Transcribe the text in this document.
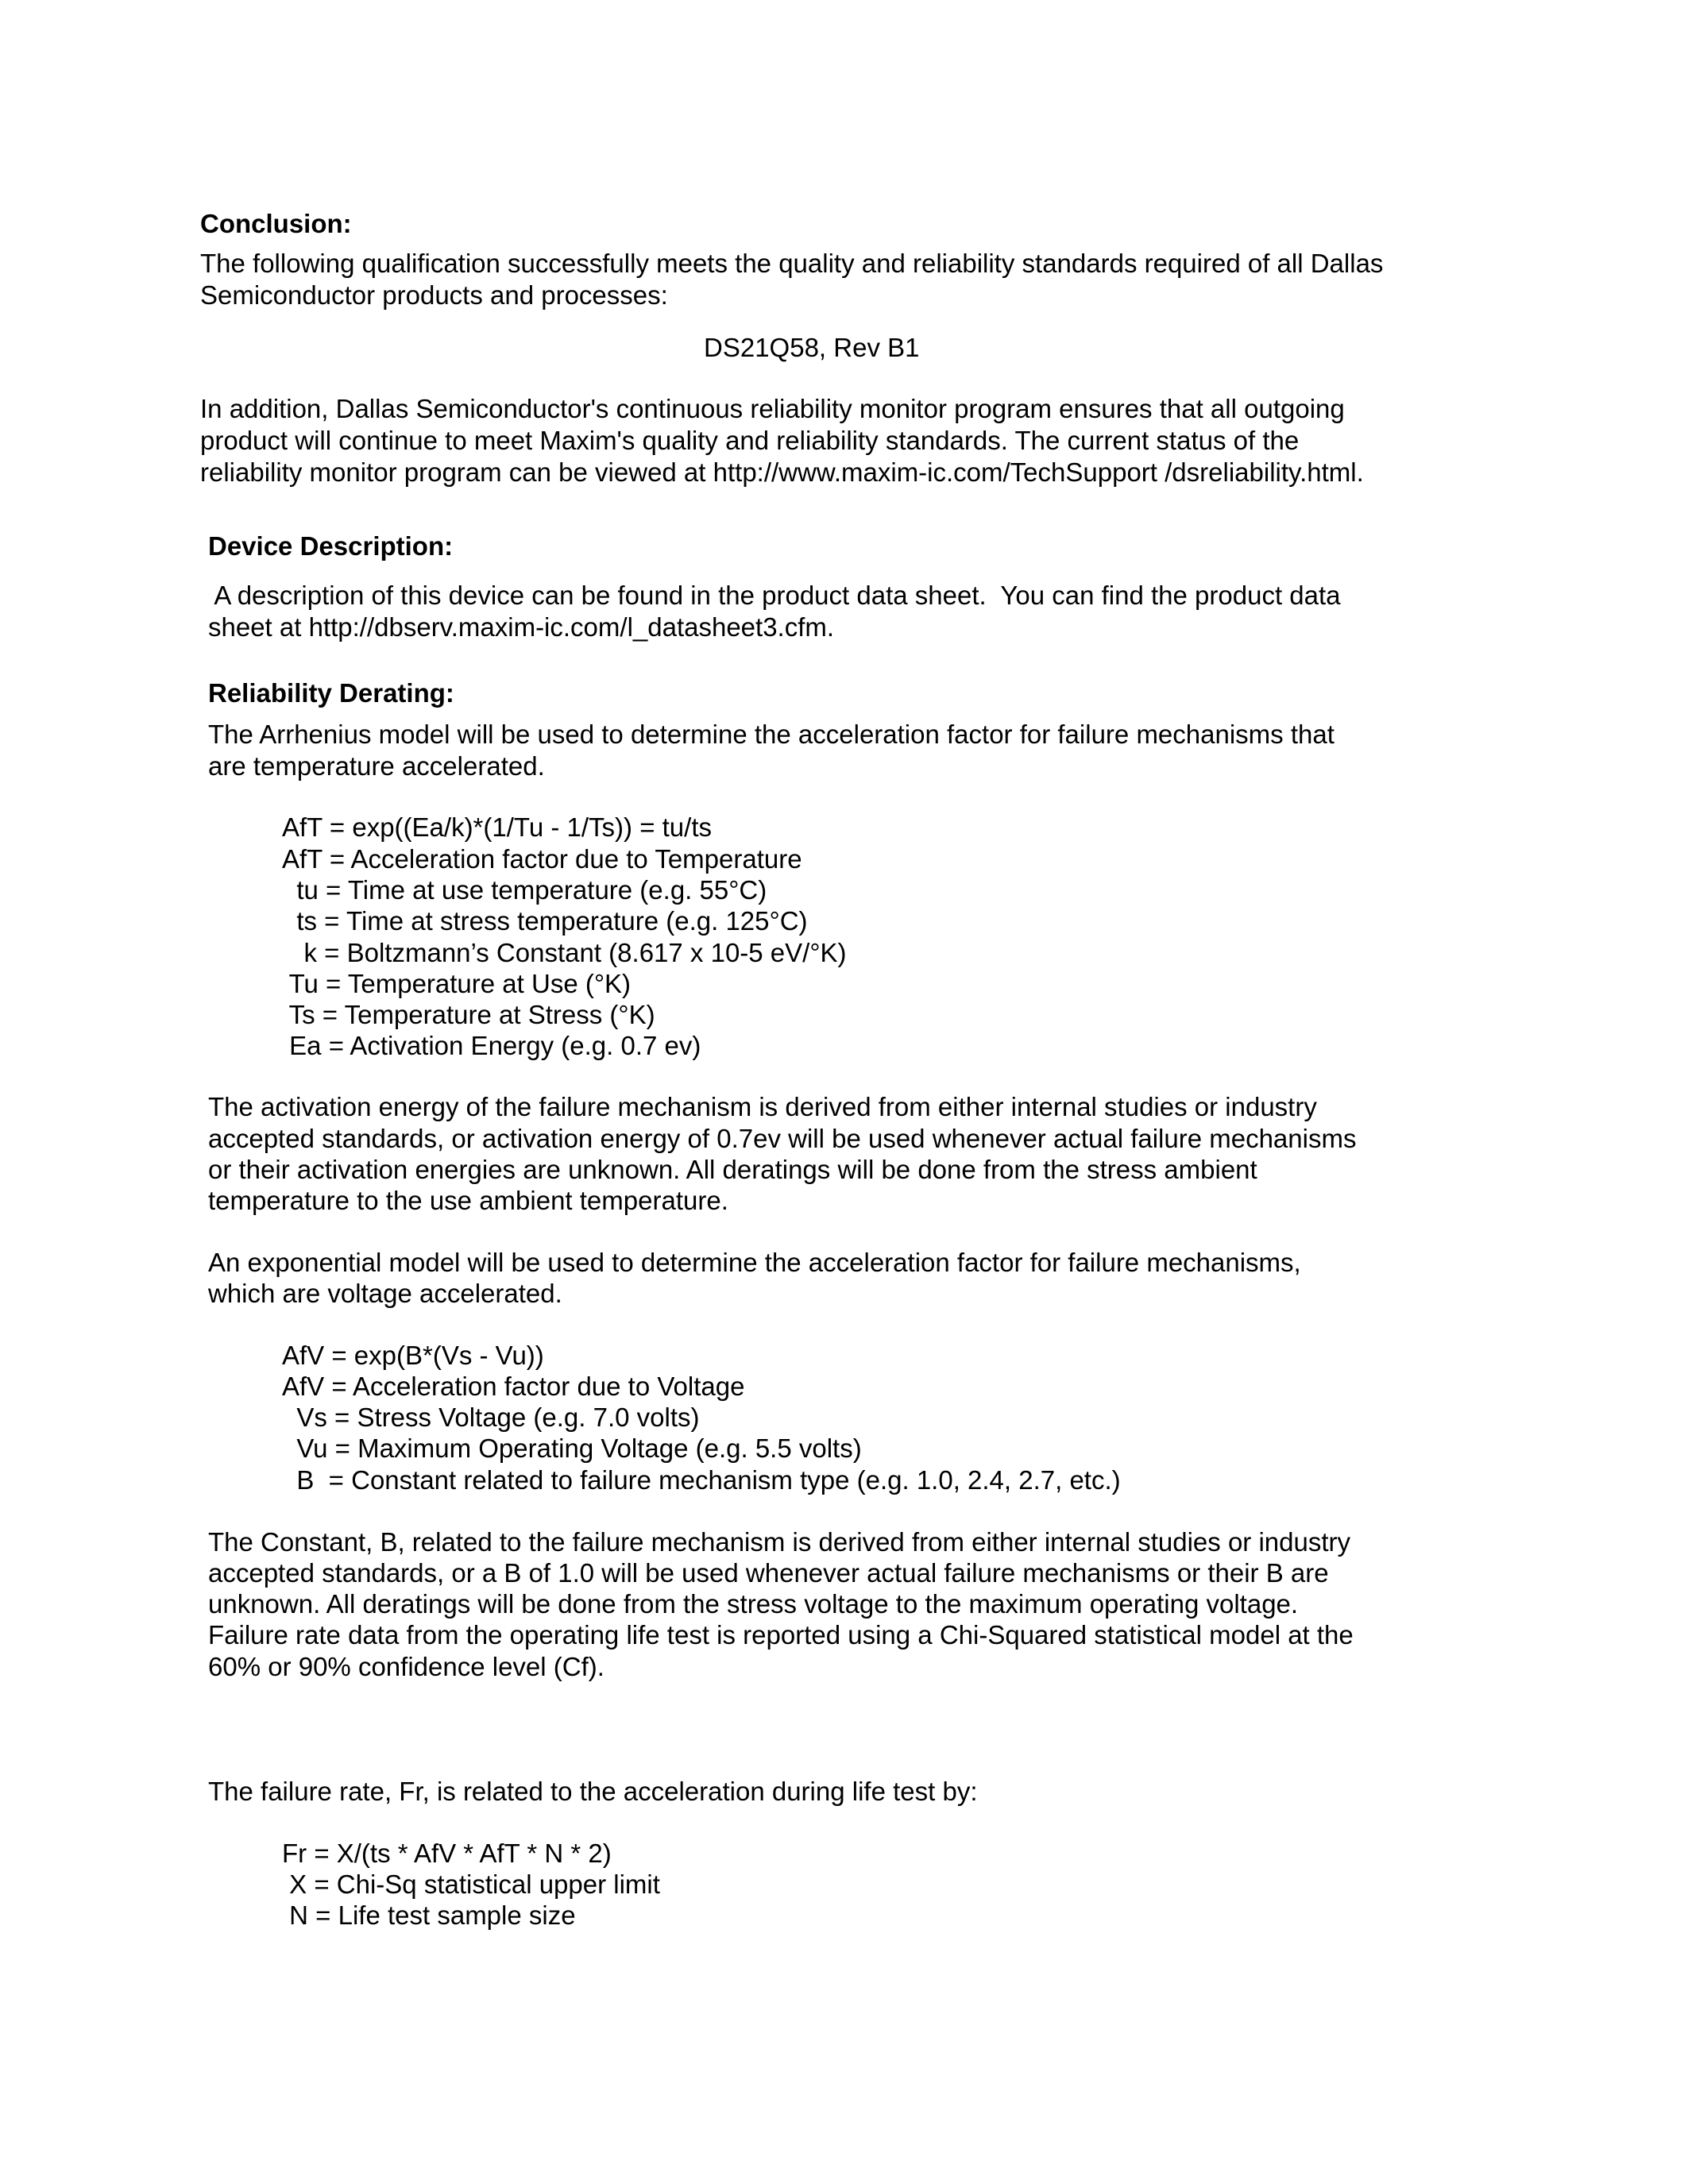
Conclusion:

The following qualification successfully meets the quality and reliability standards required of all Dallas

Semiconductor products and processes:

DS21Q58, Rev B1

In addition, Dallas Semiconductor's continuous reliability monitor program ensures that all outgoing

product will continue to meet Maxim's quality and reliability standards. The current status of the

reliability monitor program can be viewed at http://www.maxim-ic.com/TechSupport /dsreliability.html.

Device Description:

A description of this device can be found in the product data sheet.  You can find the product data

sheet at http://dbserv.maxim-ic.com/l_datasheet3.cfm.

Reliability Derating:

The Arrhenius model will be used to determine the acceleration factor for failure mechanisms that

are temperature accelerated.

AfT = exp((Ea/k)*(1/Tu - 1/Ts)) = tu/ts

AfT = Acceleration factor due to Temperature

tu = Time at use temperature (e.g. 55°C)

ts = Time at stress temperature (e.g. 125°C)

k = Boltzmann’s Constant (8.617 x 10-5 eV/°K)

Tu = Temperature at Use (°K)

Ts = Temperature at Stress (°K)

Ea = Activation Energy (e.g. 0.7 ev)

The activation energy of the failure mechanism is derived from either internal studies or industry

accepted standards, or activation energy of 0.7ev will be used whenever actual failure mechanisms

or their activation energies are unknown. All deratings will be done from the stress ambient

temperature to the use ambient temperature.

An exponential model will be used to determine the acceleration factor for failure mechanisms,

which are voltage accelerated.

AfV = exp(B*(Vs - Vu))

AfV = Acceleration factor due to Voltage

Vs = Stress Voltage (e.g. 7.0 volts)

Vu = Maximum Operating Voltage (e.g. 5.5 volts)

B  = Constant related to failure mechanism type (e.g. 1.0, 2.4, 2.7, etc.)

The Constant, B, related to the failure mechanism is derived from either internal studies or industry

accepted standards, or a B of 1.0 will be used whenever actual failure mechanisms or their B are

unknown. All deratings will be done from the stress voltage to the maximum operating voltage.

Failure rate data from the operating life test is reported using a Chi-Squared statistical model at the

60% or 90% confidence level (Cf).

The failure rate, Fr, is related to the acceleration during life test by:

Fr = X/(ts * AfV * AfT * N * 2)

X = Chi-Sq statistical upper limit

N = Life test sample size
